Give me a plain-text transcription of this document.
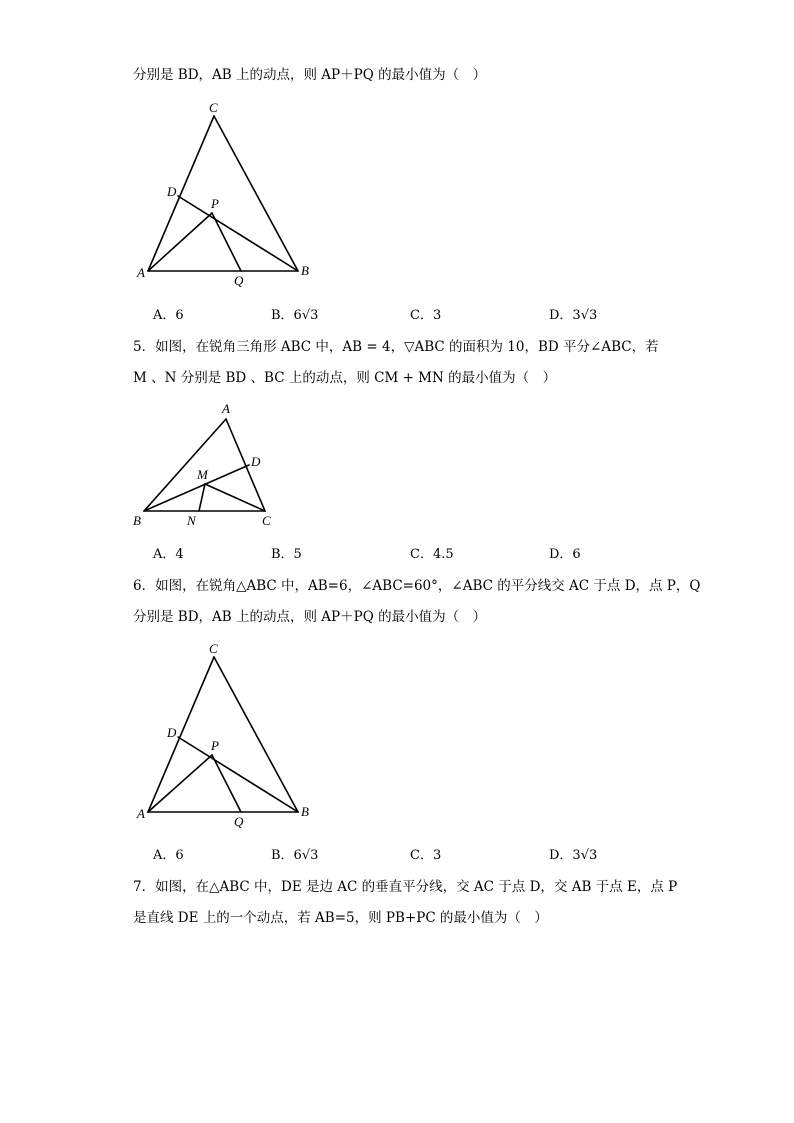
分别是 BD，AB 上的动点，则 AP＋PQ 的最小值为（　）
C
D
P
A
Q
B
A．6	B．6√3	C．3	D．3√3
5．如图，在锐角三角形 ABC 中，AB = 4，▽ABC 的面积为 10，BD 平分∠ABC，若
M 、N 分别是 BD 、BC 上的动点，则 CM + MN 的最小值为（　）
A
D
M
B	N	C
A．4	B．5	C．4.5	D．6
6．如图，在锐角△ABC 中，AB=6，∠ABC=60°，∠ABC 的平分线交 AC 于点 D，点 P，Q
分别是 BD，AB 上的动点，则 AP＋PQ 的最小值为（　）
C
D
P
A
Q
B
A．6	B．6√3	C．3	D．3√3
7．如图，在△ABC 中，DE 是边 AC 的垂直平分线，交 AC 于点 D，交 AB 于点 E，点 P
是直线 DE 上的一个动点，若 AB=5，则 PB+PC 的最小值为（　）
